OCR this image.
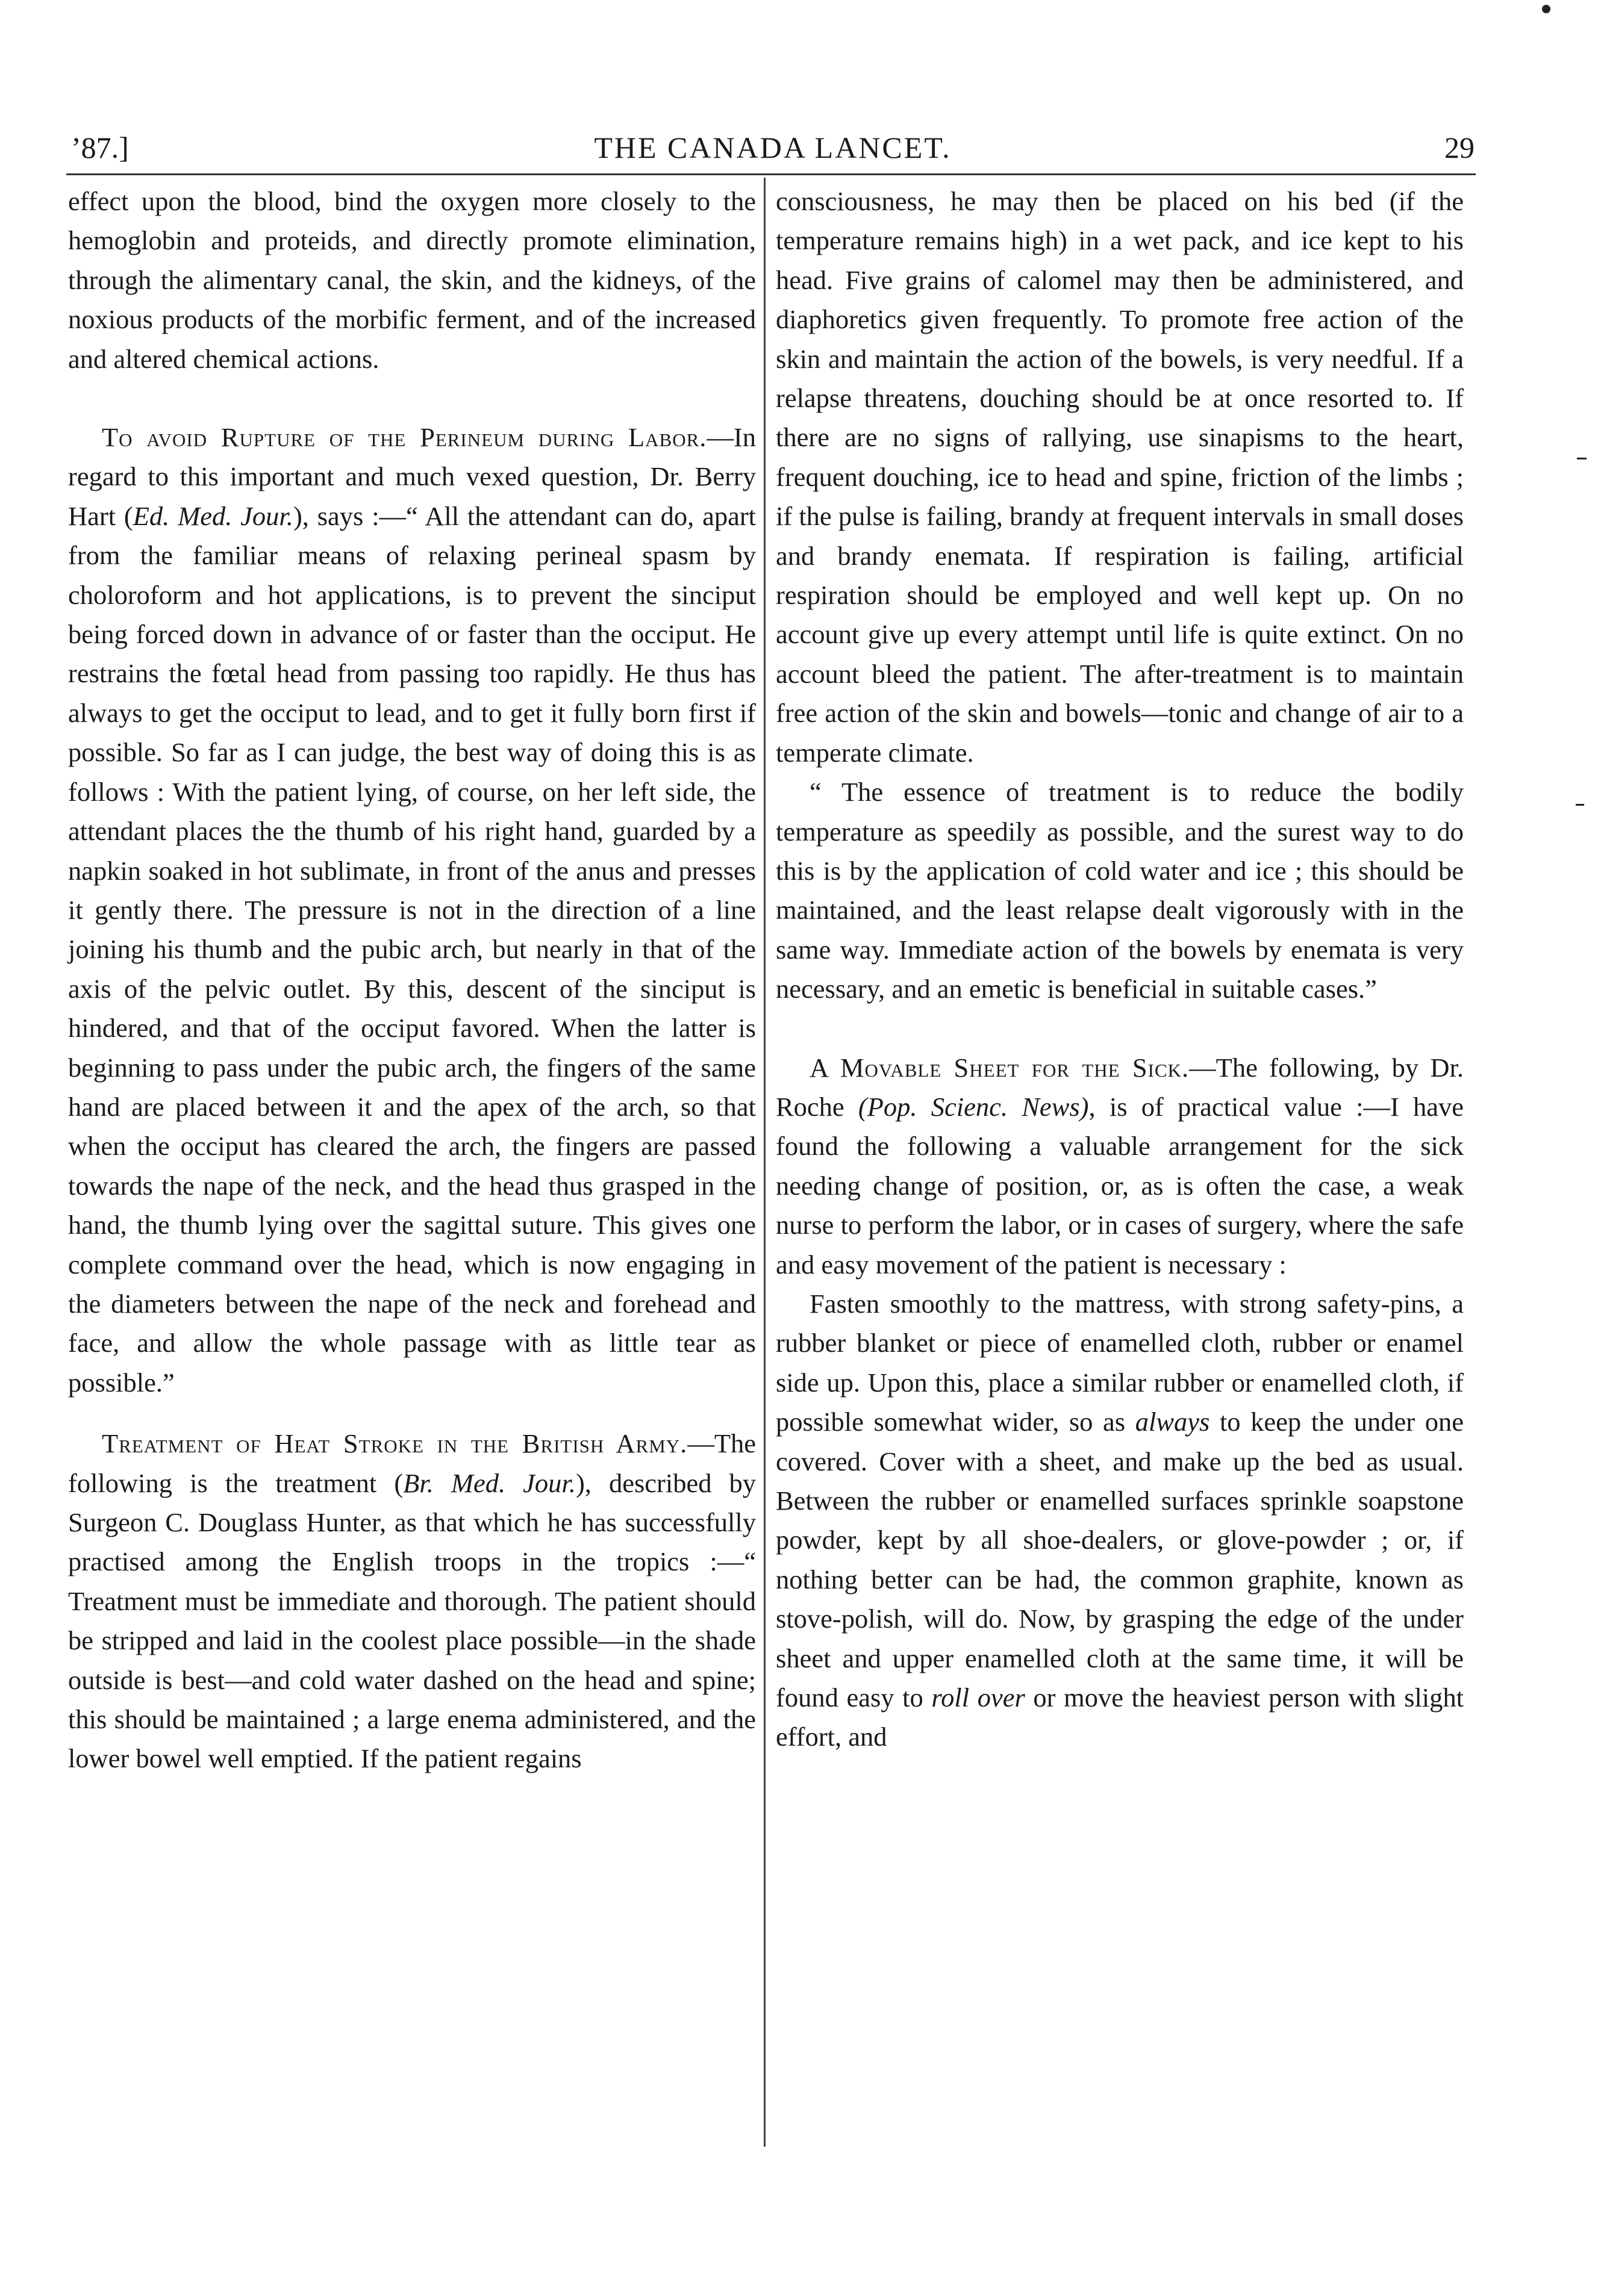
’87.]	THE CANADA LANCET.	29

effect upon the blood, bind the oxygen more closely to the hemoglobin and proteids, and directly promote elimination, through the alimentary canal, the skin, and the kidneys, of the noxious products of the morbific ferment, and of the increased and altered chemical actions.

To avoid Rupture of the Perineum during Labor.—In regard to this important and much vexed question, Dr. Berry Hart (Ed. Med. Jour.), says :—“ All the attendant can do, apart from the familiar means of relaxing perineal spasm by choloroform and hot applications, is to prevent the sinciput being forced down in advance of or faster than the occiput. He restrains the fœtal head from passing too rapidly. He thus has always to get the occiput to lead, and to get it fully born first if possible. So far as I can judge, the best way of doing this is as follows : With the patient lying, of course, on her left side, the attendant places the the thumb of his right hand, guarded by a napkin soaked in hot sublimate, in front of the anus and presses it gently there. The pressure is not in the direction of a line joining his thumb and the pubic arch, but nearly in that of the axis of the pelvic outlet. By this, descent of the sinciput is hindered, and that of the occiput favored. When the latter is beginning to pass under the pubic arch, the fingers of the same hand are placed between it and the apex of the arch, so that when the occiput has cleared the arch, the fingers are passed towards the nape of the neck, and the head thus grasped in the hand, the thumb lying over the sagittal suture. This gives one complete command over the head, which is now engaging in the diameters between the nape of the neck and forehead and face, and allow the whole passage with as little tear as possible.”

Treatment of Heat Stroke in the British Army.—The following is the treatment (Br. Med. Jour.), described by Surgeon C. Douglass Hunter, as that which he has successfully practised among the English troops in the tropics :—“ Treatment must be immediate and thorough. The patient should be stripped and laid in the coolest place possible—in the shade outside is best—and cold water dashed on the head and spine; this should be maintained ; a large enema administered, and the lower bowel well emptied. If the patient regains

consciousness, he may then be placed on his bed (if the temperature remains high) in a wet pack, and ice kept to his head. Five grains of calomel may then be administered, and diaphoretics given frequently. To promote free action of the skin and maintain the action of the bowels, is very needful. If a relapse threatens, douching should be at once resorted to. If there are no signs of rallying, use sinapisms to the heart, frequent douching, ice to head and spine, friction of the limbs ; if the pulse is failing, brandy at frequent intervals in small doses and brandy enemata. If respiration is failing, artificial respiration should be employed and well kept up. On no account give up every attempt until life is quite extinct. On no account bleed the patient. The after-treatment is to maintain free action of the skin and bowels—tonic and change of air to a temperate climate.

“ The essence of treatment is to reduce the bodily temperature as speedily as possible, and the surest way to do this is by the application of cold water and ice ; this should be maintained, and the least relapse dealt vigorously with in the same way. Immediate action of the bowels by enemata is very necessary, and an emetic is beneficial in suitable cases.”

A Movable Sheet for the Sick.—The following, by Dr. Roche (Pop. Scienc. News), is of practical value :—I have found the following a valuable arrangement for the sick needing change of position, or, as is often the case, a weak nurse to perform the labor, or in cases of surgery, where the safe and easy movement of the patient is necessary :

Fasten smoothly to the mattress, with strong safety-pins, a rubber blanket or piece of enamelled cloth, rubber or enamel side up. Upon this, place a similar rubber or enamelled cloth, if possible somewhat wider, so as always to keep the under one covered. Cover with a sheet, and make up the bed as usual. Between the rubber or enamelled surfaces sprinkle soapstone powder, kept by all shoe-dealers, or glove-powder ; or, if nothing better can be had, the common graphite, known as stove-polish, will do. Now, by grasping the edge of the under sheet and upper enamelled cloth at the same time, it will be found easy to roll over or move the heaviest person with slight effort, and
